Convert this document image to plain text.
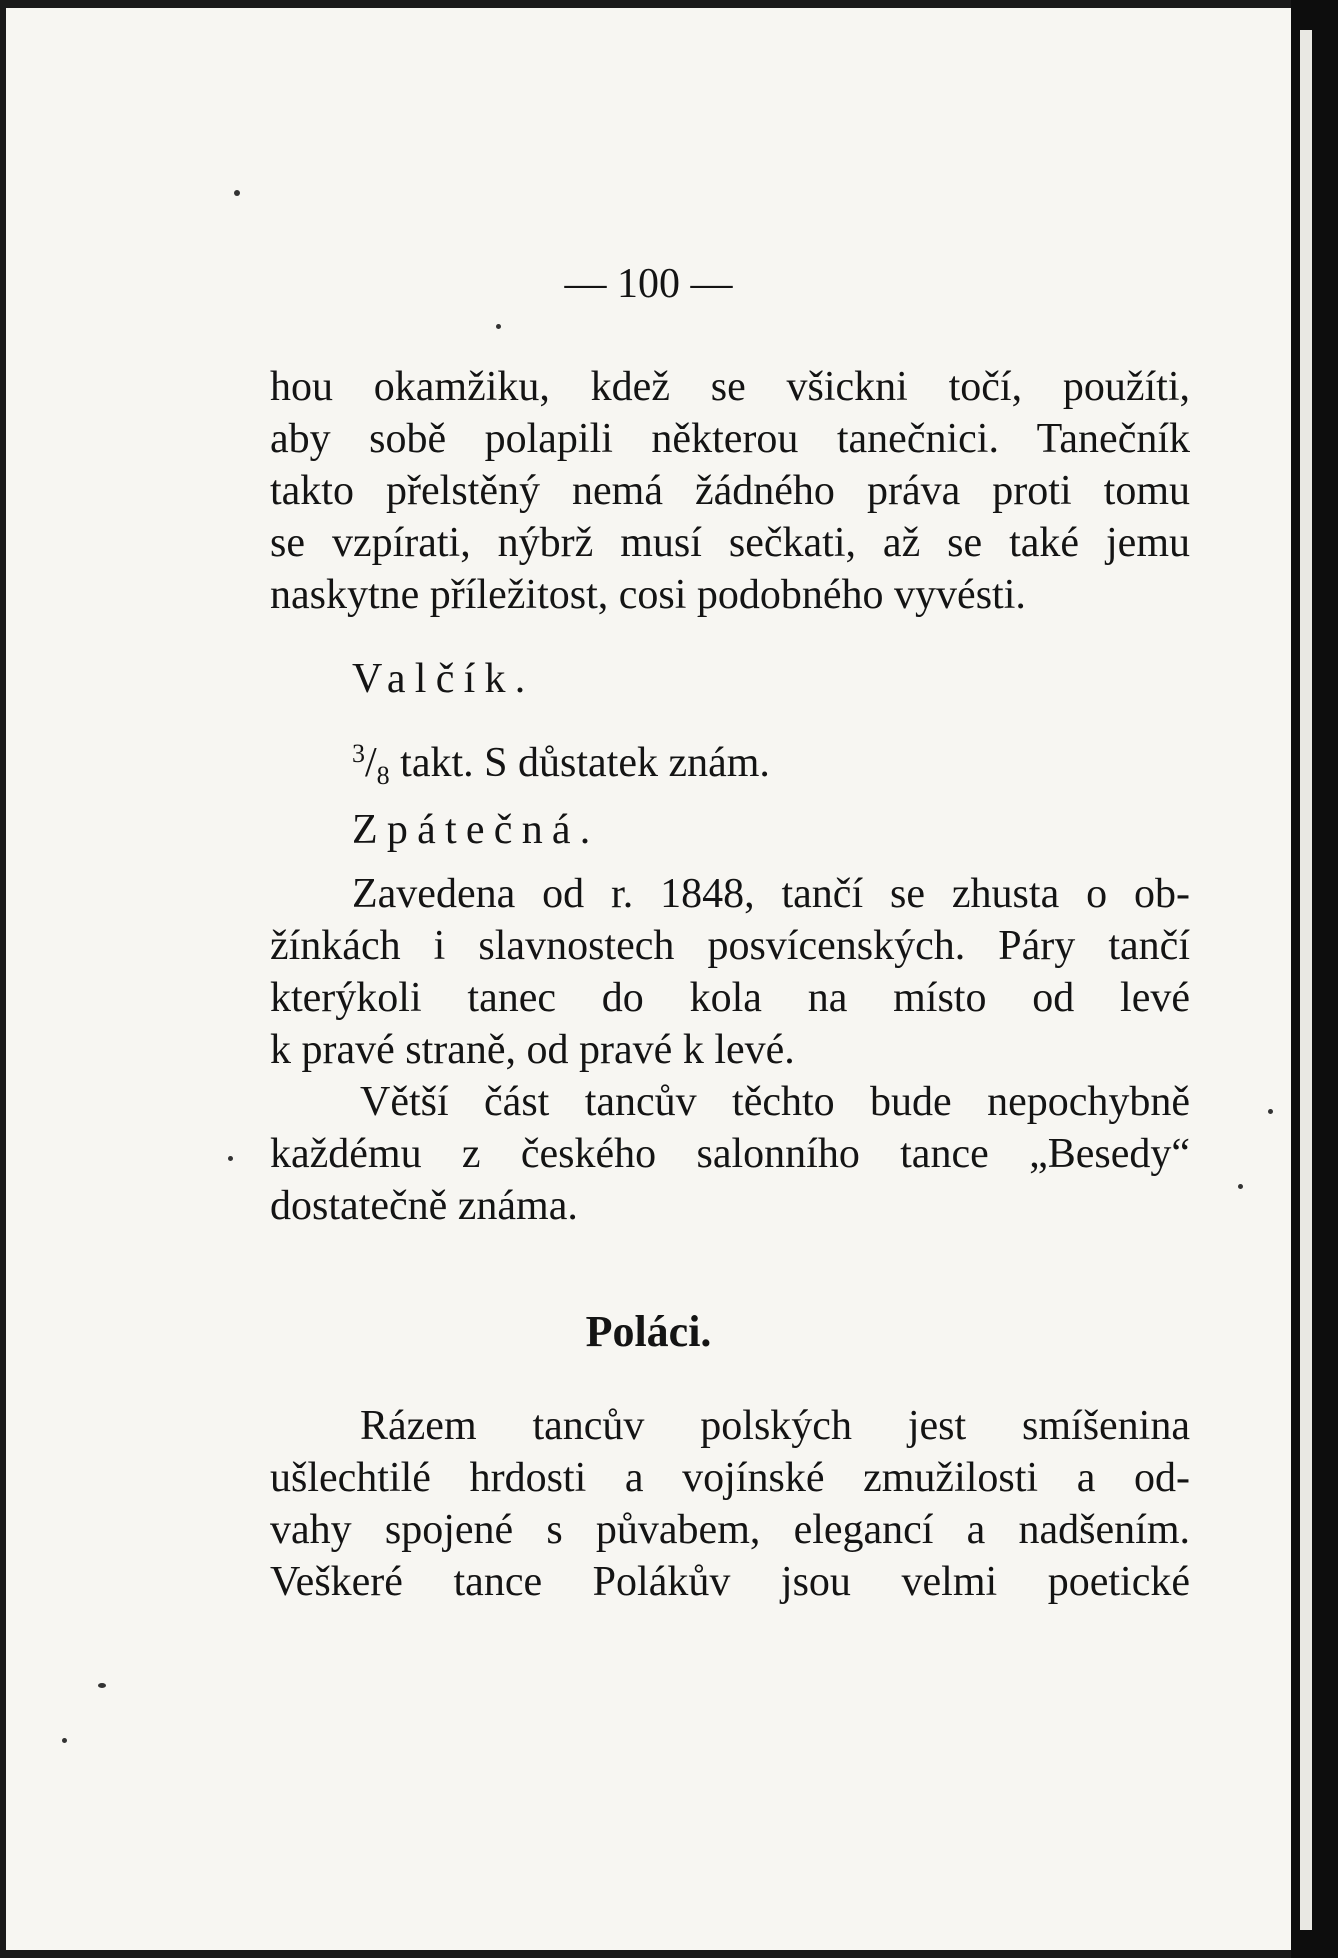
— 100 —
hou okamžiku, kdež se všickni točí, použíti,
aby sobě polapili některou tanečnici. Tanečník
takto přelstěný nemá žádného práva proti tomu
se vzpírati, nýbrž musí sečkati, až se také jemu
naskytne příležitost, cosi podobného vyvésti.
Valčík.
$^3$/8 takt. S důstatek znám.
Zpátečná.
Zavedena od r. 1848, tančí se zhusta o ob-
žínkách i slavnostech posvícenských. Páry tančí
kterýkoli tanec do kola na místo od levé
k pravé straně, od pravé k levé.
Větší část tancův těchto bude nepochybně
každému z českého salonního tance „Besedy“
dostatečně známa.
Poláci.
Rázem tancův polských jest smíšenina
ušlechtilé hrdosti a vojínské zmužilosti a od-
vahy spojené s půvabem, elegancí a nadšením.
Veškeré tance Polákův jsou velmi poetické
